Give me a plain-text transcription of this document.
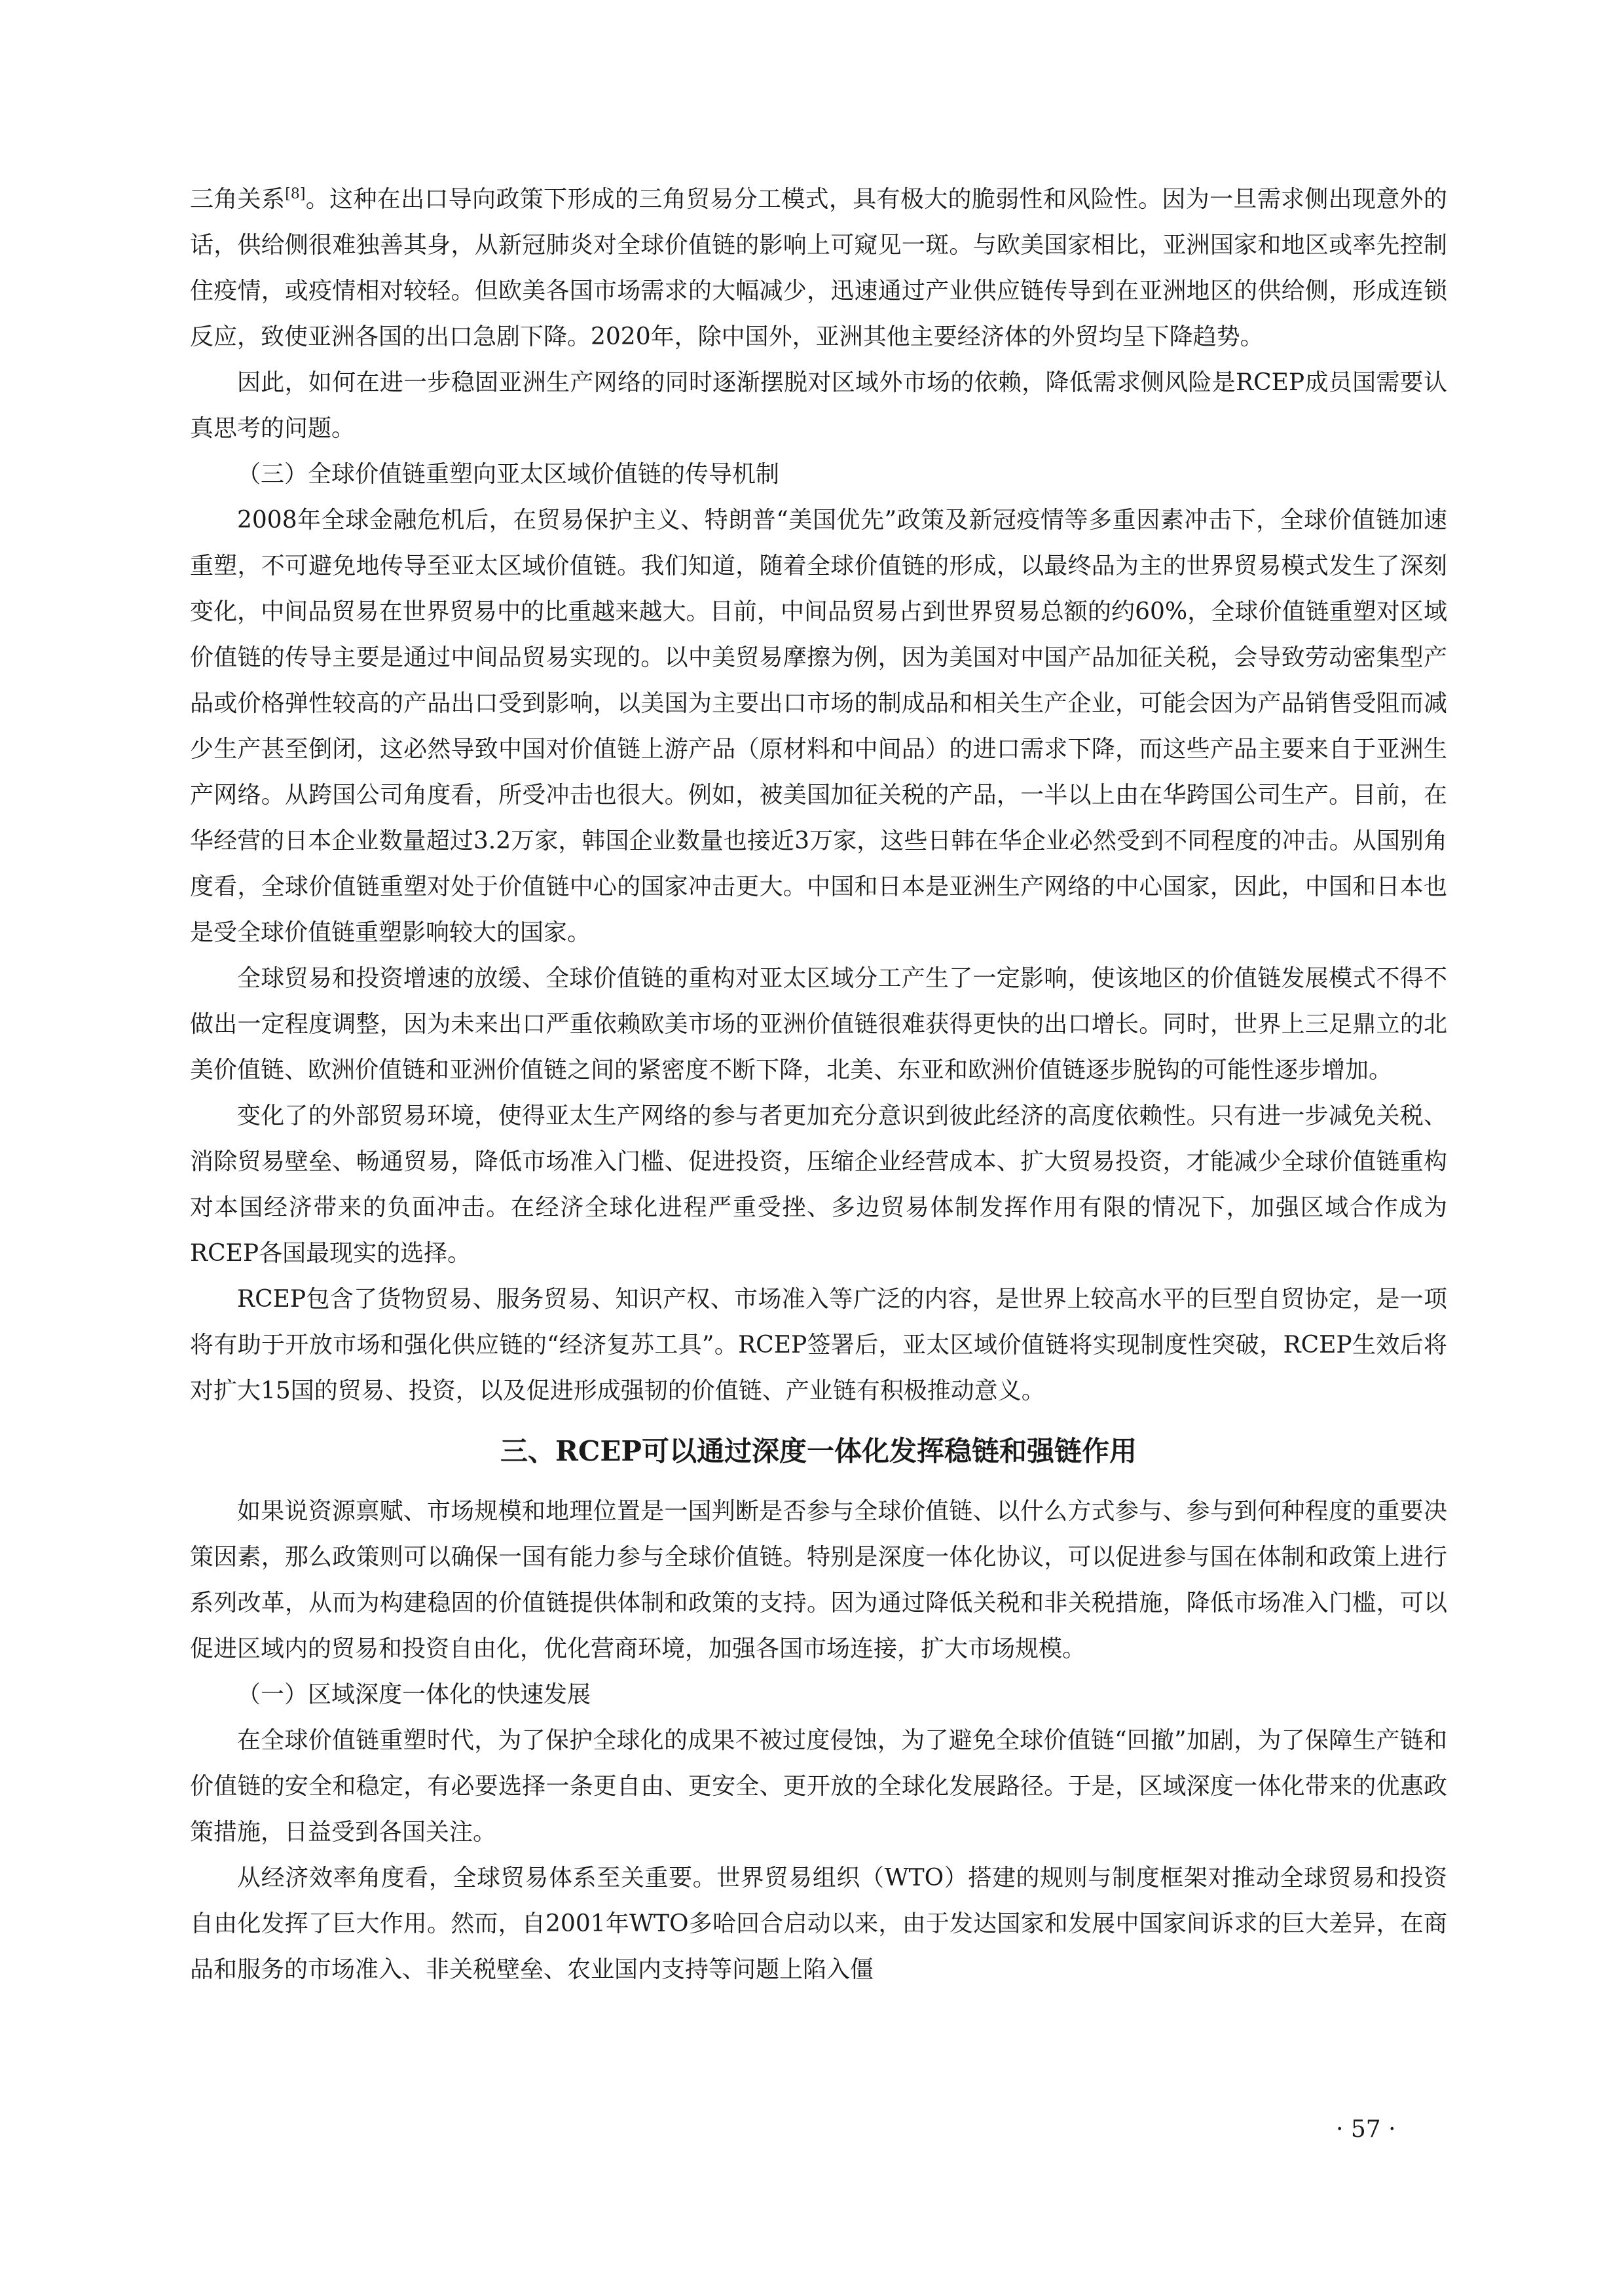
三角关系[8]。这种在出口导向政策下形成的三角贸易分工模式，具有极大的脆弱性和风险性。因为一旦需求侧出现意外的话，供给侧很难独善其身，从新冠肺炎对全球价值链的影响上可窥见一斑。与欧美国家相比，亚洲国家和地区或率先控制住疫情，或疫情相对较轻。但欧美各国市场需求的大幅减少，迅速通过产业供应链传导到在亚洲地区的供给侧，形成连锁反应，致使亚洲各国的出口急剧下降。2020年，除中国外，亚洲其他主要经济体的外贸均呈下降趋势。

因此，如何在进一步稳固亚洲生产网络的同时逐渐摆脱对区域外市场的依赖，降低需求侧风险是RCEP成员国需要认真思考的问题。

（三）全球价值链重塑向亚太区域价值链的传导机制

2008年全球金融危机后，在贸易保护主义、特朗普“美国优先”政策及新冠疫情等多重因素冲击下，全球价值链加速重塑，不可避免地传导至亚太区域价值链。我们知道，随着全球价值链的形成，以最终品为主的世界贸易模式发生了深刻变化，中间品贸易在世界贸易中的比重越来越大。目前，中间品贸易占到世界贸易总额的约60%，全球价值链重塑对区域价值链的传导主要是通过中间品贸易实现的。以中美贸易摩擦为例，因为美国对中国产品加征关税，会导致劳动密集型产品或价格弹性较高的产品出口受到影响，以美国为主要出口市场的制成品和相关生产企业，可能会因为产品销售受阻而减少生产甚至倒闭，这必然导致中国对价值链上游产品（原材料和中间品）的进口需求下降，而这些产品主要来自于亚洲生产网络。从跨国公司角度看，所受冲击也很大。例如，被美国加征关税的产品，一半以上由在华跨国公司生产。目前，在华经营的日本企业数量超过3.2万家，韩国企业数量也接近3万家，这些日韩在华企业必然受到不同程度的冲击。从国别角度看，全球价值链重塑对处于价值链中心的国家冲击更大。中国和日本是亚洲生产网络的中心国家，因此，中国和日本也是受全球价值链重塑影响较大的国家。

全球贸易和投资增速的放缓、全球价值链的重构对亚太区域分工产生了一定影响，使该地区的价值链发展模式不得不做出一定程度调整，因为未来出口严重依赖欧美市场的亚洲价值链很难获得更快的出口增长。同时，世界上三足鼎立的北美价值链、欧洲价值链和亚洲价值链之间的紧密度不断下降，北美、东亚和欧洲价值链逐步脱钩的可能性逐步增加。

变化了的外部贸易环境，使得亚太生产网络的参与者更加充分意识到彼此经济的高度依赖性。只有进一步减免关税、消除贸易壁垒、畅通贸易，降低市场准入门槛、促进投资，压缩企业经营成本、扩大贸易投资，才能减少全球价值链重构对本国经济带来的负面冲击。在经济全球化进程严重受挫、多边贸易体制发挥作用有限的情况下，加强区域合作成为RCEP各国最现实的选择。

RCEP包含了货物贸易、服务贸易、知识产权、市场准入等广泛的内容，是世界上较高水平的巨型自贸协定，是一项将有助于开放市场和强化供应链的“经济复苏工具”。RCEP签署后，亚太区域价值链将实现制度性突破，RCEP生效后将对扩大15国的贸易、投资，以及促进形成强韧的价值链、产业链有积极推动意义。

三、RCEP可以通过深度一体化发挥稳链和强链作用

如果说资源禀赋、市场规模和地理位置是一国判断是否参与全球价值链、以什么方式参与、参与到何种程度的重要决策因素，那么政策则可以确保一国有能力参与全球价值链。特别是深度一体化协议，可以促进参与国在体制和政策上进行系列改革，从而为构建稳固的价值链提供体制和政策的支持。因为通过降低关税和非关税措施，降低市场准入门槛，可以促进区域内的贸易和投资自由化，优化营商环境，加强各国市场连接，扩大市场规模。

（一）区域深度一体化的快速发展

在全球价值链重塑时代，为了保护全球化的成果不被过度侵蚀，为了避免全球价值链“回撤”加剧，为了保障生产链和价值链的安全和稳定，有必要选择一条更自由、更安全、更开放的全球化发展路径。于是，区域深度一体化带来的优惠政策措施，日益受到各国关注。

从经济效率角度看，全球贸易体系至关重要。世界贸易组织（WTO）搭建的规则与制度框架对推动全球贸易和投资自由化发挥了巨大作用。然而，自2001年WTO多哈回合启动以来，由于发达国家和发展中国家间诉求的巨大差异，在商品和服务的市场准入、非关税壁垒、农业国内支持等问题上陷入僵

· 57 ·
